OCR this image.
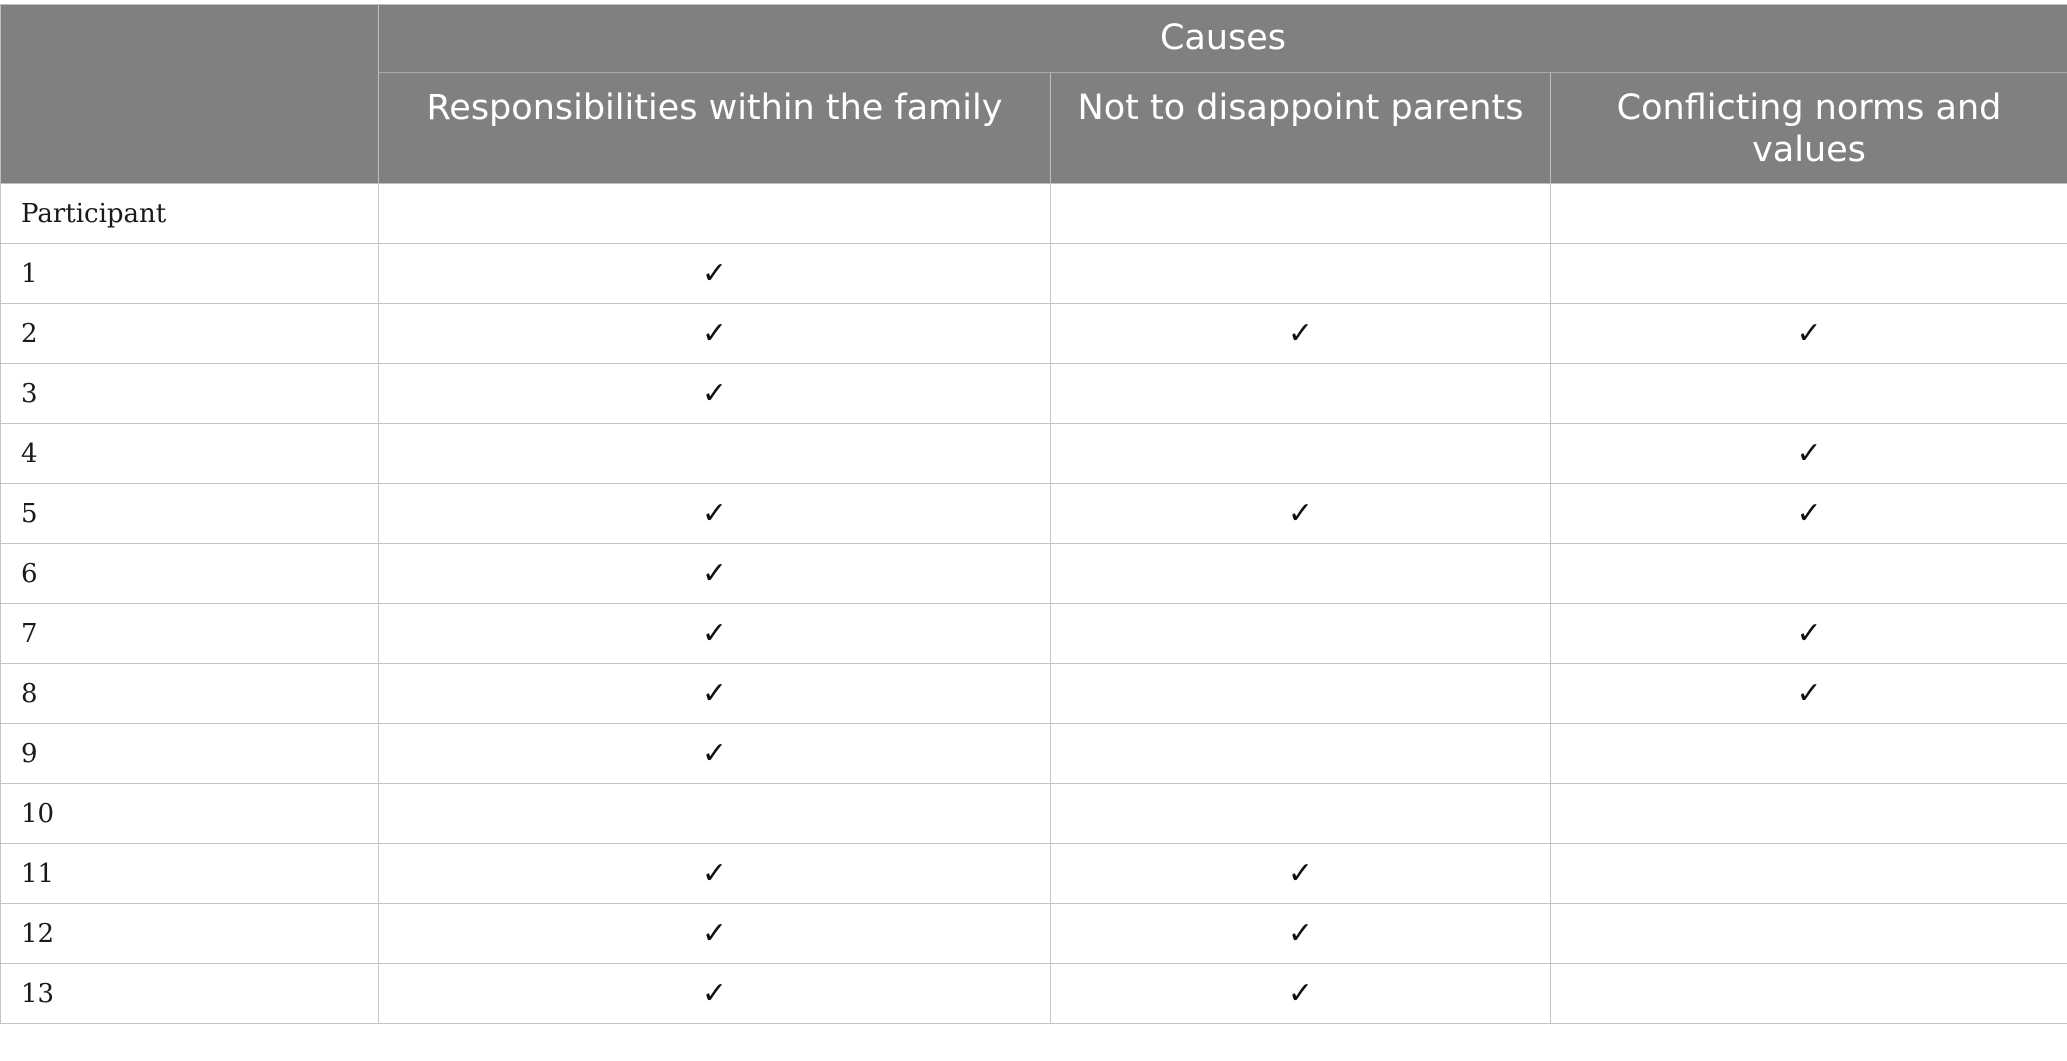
	Causes		
	Responsibilities within the family	Not to disappoint parents	Conflicting norms and values
Participant			
1	✓		
2	✓	✓	✓
3	✓		
4			✓
5	✓	✓	✓
6	✓		
7	✓		✓
8	✓		✓
9	✓		
10			
11	✓	✓	
12	✓	✓	
13	✓	✓	
